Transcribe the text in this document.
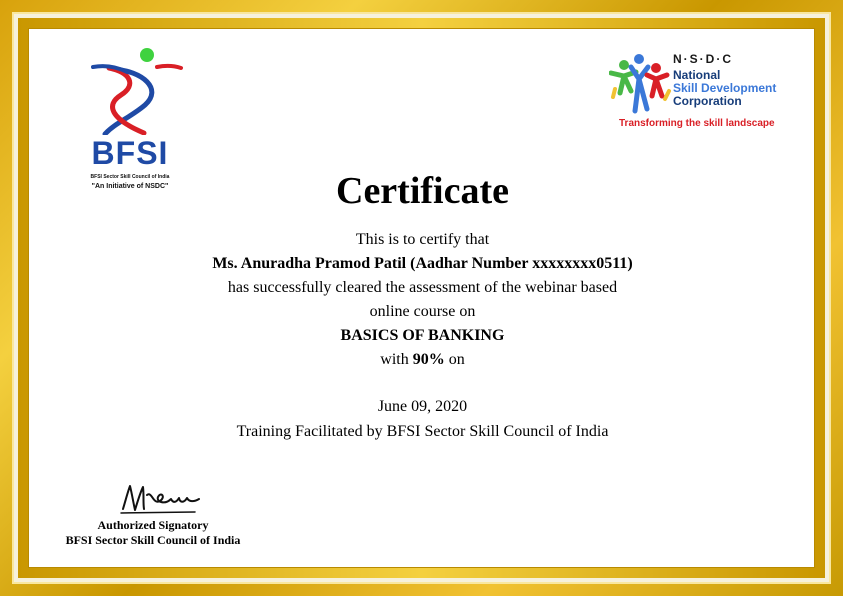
BFSI
BFSI Sector Skill Council of India
"An Initiative of NSDC"
N·S·D·C
National
Skill Development
Corporation
Transforming the skill landscape
Certificate
This is to certify that
Ms. Anuradha Pramod Patil (Aadhar Number xxxxxxxx0511)
has successfully cleared the assessment of the webinar based
online course on
BASICS OF BANKING
with 90% on
June 09, 2020
Training Facilitated by BFSI Sector Skill Council of India
Authorized Signatory
BFSI Sector Skill Council of India
